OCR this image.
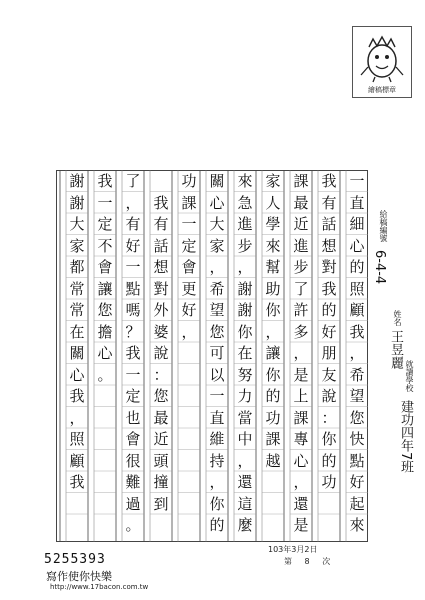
繪稿標章
給稿編號
6-4-4
姓名
王昱麗
就讀學校
建功四年7班
一
直
細
心
的
照
顧
我
，
希
望
您
快
點
好
起
來
課
最
近
進
步
了
許
多
，
是
上
課
專
心
，
還
是
家
人
來
急
關
心
大
家
，
希
望
您
可
以
一
直
維
持
，
你
的
功
課
一
定
會
更
好
，
我
有
話
想
對
外
婆
說
：
您
最
近
頭
撞
到
了
，
有
好
一
點
嗎
？
我
一
定
也
會
很
難
過
。
我
一
定
不
會
讓
您
擔
心
。
謝
謝
大
家
都
常
常
在
關
心
我
，
照
顧
我
我
有
話
想
對
我
的
好
朋
友
說
：
你
的
功
學
來
幫
助
你
，
讓
你
的
功
課
越
進
步
，
謝
謝
你
在
努
力
當
中
，
還
這
麼
5255393
寫作使你快樂
http://www.17bacon.com.tw
103年3月2日
第 8 次
